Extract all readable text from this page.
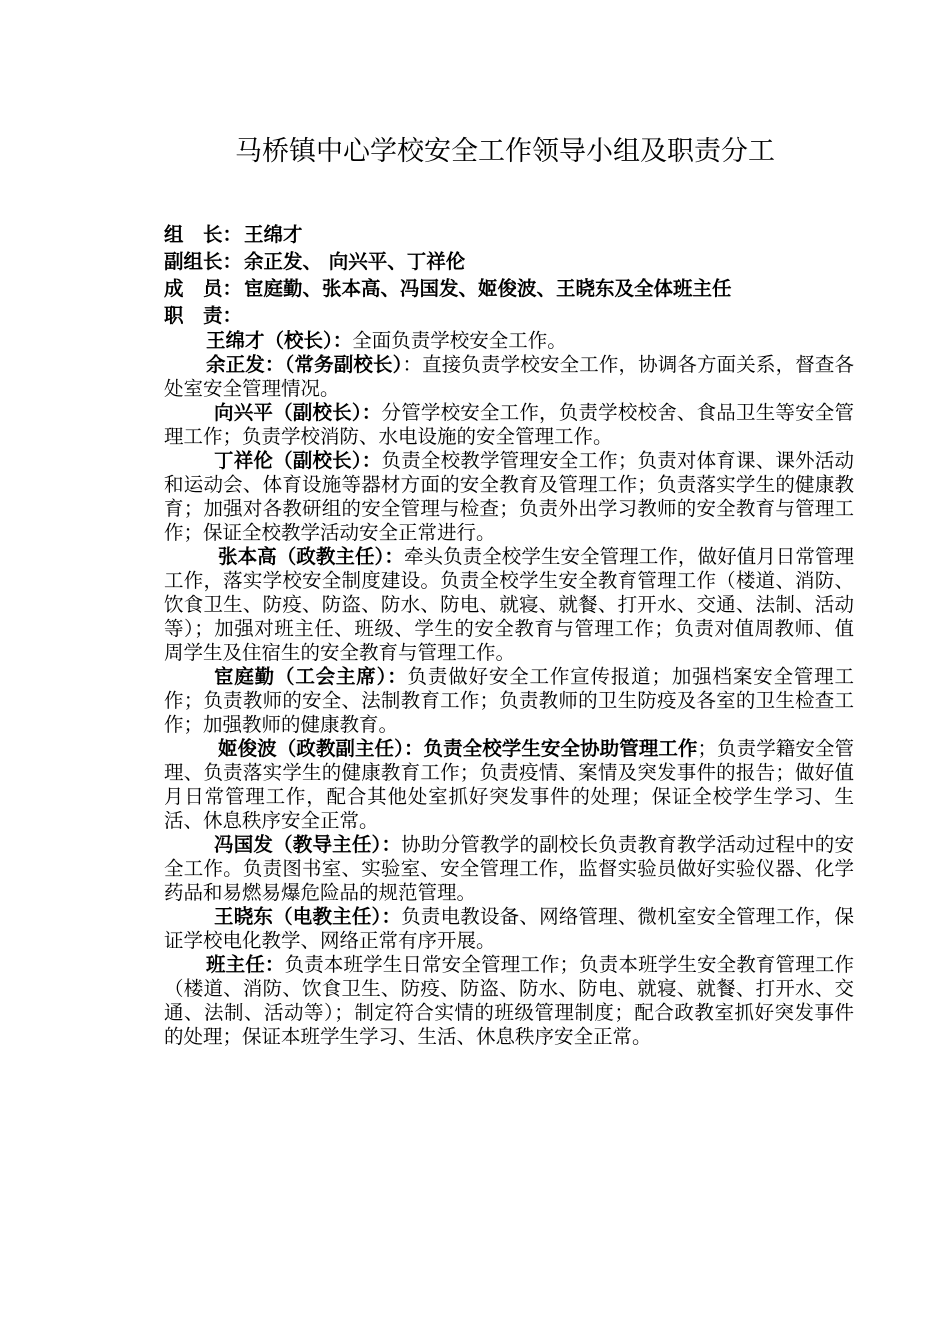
马桥镇中心学校安全工作领导小组及职责分工
组　长： 王绵才
副组长： 余正发、 向兴平、丁祥伦
成　员： 宦庭勤、张本高、冯国发、姬俊波、王晓东及全体班主任
职　责：

王绵才（校长）：全面负责学校安全工作。

余正发：（常务副校长）：直接负责学校安全工作，协调各方面关系，督查各处室安全管理情况。

向兴平（副校长）：分管学校安全工作，负责学校校舍、食品卫生等安全管理工作；负责学校消防、水电设施的安全管理工作。

丁祥伦（副校长）：负责全校教学管理安全工作；负责对体育课、课外活动和运动会、体育设施等器材方面的安全教育及管理工作；负责落实学生的健康教育；加强对各教研组的安全管理与检查；负责外出学习教师的安全教育与管理工作；保证全校教学活动安全正常进行。

张本高（政教主任）：牵头负责全校学生安全管理工作，做好值月日常管理工作，落实学校安全制度建设。负责全校学生安全教育管理工作（楼道、消防、饮食卫生、防疫、防盗、防水、防电、就寝、就餐、打开水、交通、法制、活动等）；加强对班主任、班级、学生的安全教育与管理工作；负责对值周教师、值周学生及住宿生的安全教育与管理工作。

宦庭勤（工会主席）：负责做好安全工作宣传报道；加强档案安全管理工作；负责教师的安全、法制教育工作；负责教师的卫生防疫及各室的卫生检查工作；加强教师的健康教育。

姬俊波（政教副主任）：负责全校学生安全协助管理工作；负责学籍安全管理、负责落实学生的健康教育工作；负责疫情、案情及突发事件的报告；做好值月日常管理工作，配合其他处室抓好突发事件的处理；保证全校学生学习、生活、休息秩序安全正常。

冯国发（教导主任）：协助分管教学的副校长负责教育教学活动过程中的安全工作。负责图书室、实验室、安全管理工作，监督实验员做好实验仪器、化学药品和易燃易爆危险品的规范管理。

王晓东（电教主任）：负责电教设备、网络管理、微机室安全管理工作，保证学校电化教学、网络正常有序开展。

班主任：负责本班学生日常安全管理工作；负责本班学生安全教育管理工作（楼道、消防、饮食卫生、防疫、防盗、防水、防电、就寝、就餐、打开水、交通、法制、活动等）；制定符合实情的班级管理制度；配合政教室抓好突发事件的处理；保证本班学生学习、生活、休息秩序安全正常。
